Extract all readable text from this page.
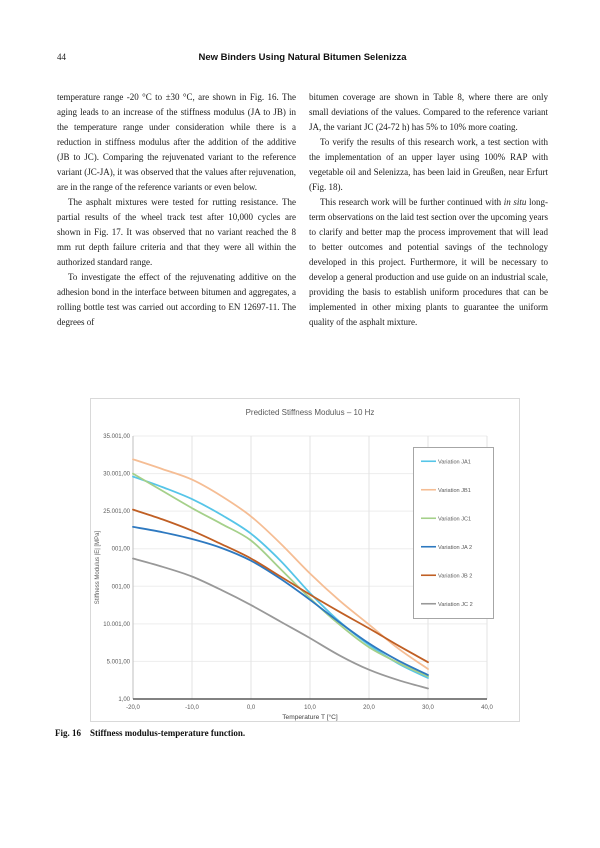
44	New Binders Using Natural Bitumen Selenizza

temperature range -20 °C to ±30 °C, are shown in Fig. 16. The aging leads to an increase of the stiffness modulus (JA to JB) in the temperature range under consideration while there is a reduction in stiffness modulus after the addition of the additive (JB to JC). Comparing the rejuvenated variant to the reference variant (JC-JA), it was observed that the values after rejuvenation, are in the range of the reference variants or even below.

The asphalt mixtures were tested for rutting resistance. The partial results of the wheel track test after 10,000 cycles are shown in Fig. 17. It was observed that no variant reached the 8 mm rut depth failure criteria and that they were all within the authorized standard range.

To investigate the effect of the rejuvenating additive on the adhesion bond in the interface between bitumen and aggregates, a rolling bottle test was carried out according to EN 12697-11. The degrees of

bitumen coverage are shown in Table 8, where there are only small deviations of the values. Compared to the reference variant JA, the variant JC (24-72 h) has 5% to 10% more coating.

To verify the results of this research work, a test section with the implementation of an upper layer using 100% RAP with vegetable oil and Selenizza, has been laid in Greußen, near Erfurt (Fig. 18).

This research work will be further continued with in situ long-term observations on the laid test section over the upcoming years to clarify and better map the process improvement that will lead to better outcomes and potential savings of the technology developed in this project. Furthermore, it will be necessary to develop a general production and use guide on an industrial scale, providing the basis to establish uniform procedures that can be implemented in other mixing plants to guarantee the uniform quality of the asphalt mixture.

35.001,00
30.001,00
25.001,00
001,00
001,00
10.001,00
5.001,00
1,00
-20,0	-10,0	0,0	10,0	20,0	30,0	40,0
Temperature T [°C]
Stiffness Modulus |E| [MPa]
Predicted Stiffness Modulus – 10 Hz
Variation JA1
Variation JB1
Variation JC1
Variation JA 2
Variation JB 2
Variation JC 2
Fig. 16 Stiffness modulus-temperature function.
